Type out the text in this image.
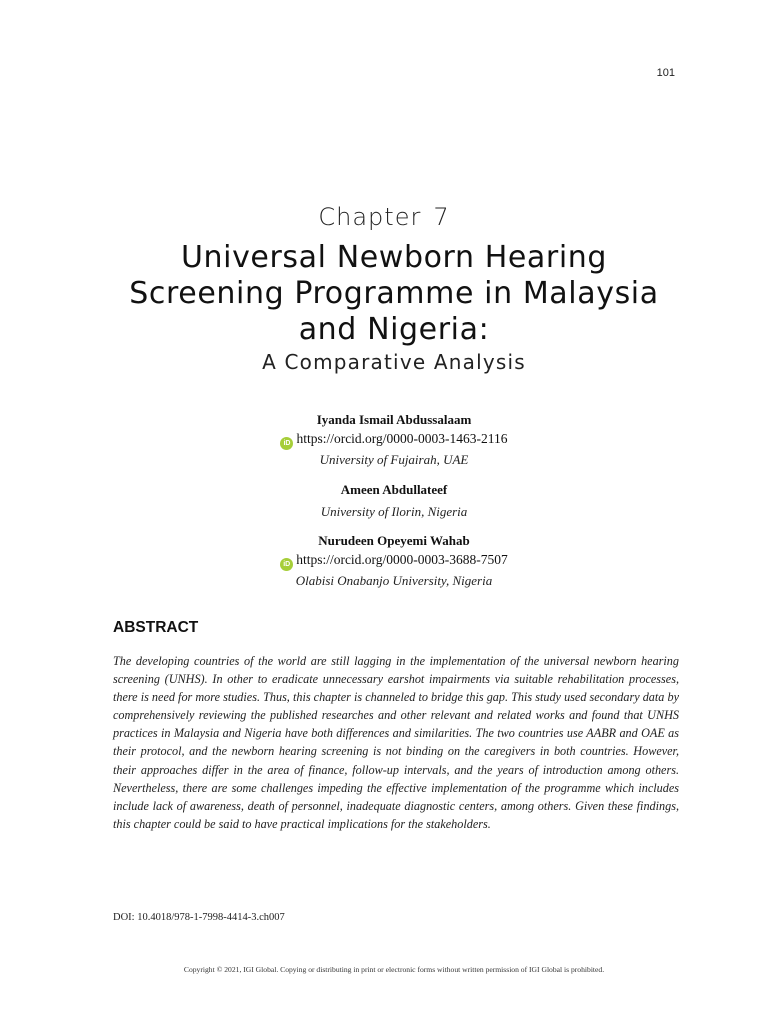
101
Chapter 7
Universal Newborn Hearing Screening Programme in Malaysia and Nigeria:
A Comparative Analysis
Iyanda Ismail Abdussalaam
iD https://orcid.org/0000-0003-1463-2116
University of Fujairah, UAE
Ameen Abdullateef
University of Ilorin, Nigeria
Nurudeen Opeyemi Wahab
iD https://orcid.org/0000-0003-3688-7507
Olabisi Onabanjo University, Nigeria
ABSTRACT
The developing countries of the world are still lagging in the implementation of the universal newborn hearing screening (UNHS). In other to eradicate unnecessary earshot impairments via suitable rehabilitation processes, there is need for more studies. Thus, this chapter is channeled to bridge this gap. This study used secondary data by comprehensively reviewing the published researches and other relevant and related works and found that UNHS practices in Malaysia and Nigeria have both differences and similarities. The two countries use AABR and OAE as their protocol, and the newborn hearing screening is not binding on the caregivers in both countries. However, their approaches differ in the area of finance, follow-up intervals, and the years of introduction among others. Nevertheless, there are some challenges impeding the effective implementation of the programme which includes include lack of awareness, death of personnel, inadequate diagnostic centers, among others. Given these findings, this chapter could be said to have practical implications for the stakeholders.
DOI: 10.4018/978-1-7998-4414-3.ch007
Copyright © 2021, IGI Global. Copying or distributing in print or electronic forms without written permission of IGI Global is prohibited.
